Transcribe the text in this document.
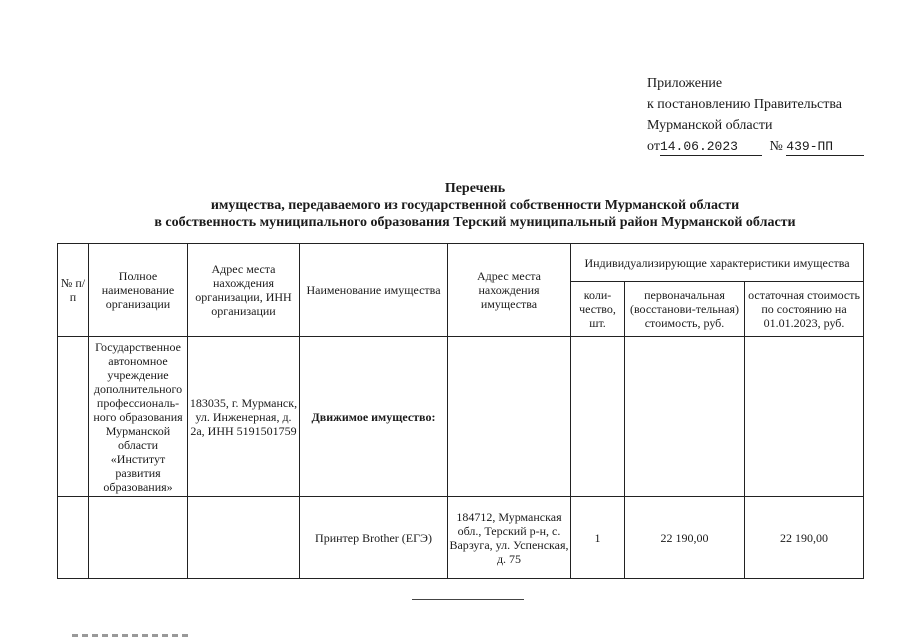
Приложение
к постановлению Правительства
Мурманской области
от14.06.2023 № 439-ПП
Перечень
имущества, передаваемого из государственной собственности Мурманской области
в собственность муниципального образования Терский муниципальный район Мурманской области
№ п/п	Полное наименование организации	Адрес места нахождения организации, ИНН организации	Наименование имущества	Адрес места нахождения имущества	Индивидуализирующие характеристики имущества		
					коли-чество, шт.	первоначальная (восстанови-тельная) стоимость, руб.	остаточная стоимость по состоянию на 01.01.2023, руб.
	Государственное автономное учреждение дополнительного профессиональ-ного образования Мурманской области «Институт развития образования»	183035, г. Мурманск, ул. Инженерная, д. 2а, ИНН 5191501759	Движимое имущество:				
			Принтер Brother (ЕГЭ)	184712, Мурманская обл., Терский р-н, с. Варзуга, ул. Успенская, д. 75	1	22 190,00	22 190,00
